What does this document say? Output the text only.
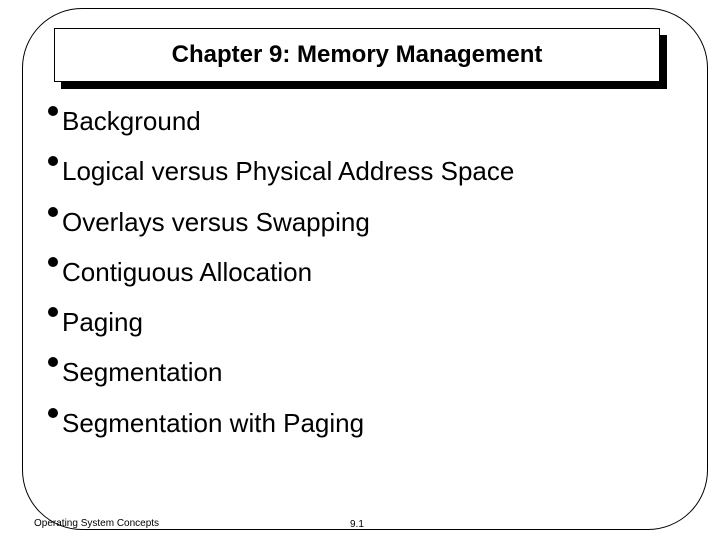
Chapter 9: Memory Management
Background
Logical versus Physical Address Space
Overlays versus Swapping
Contiguous Allocation
Paging
Segmentation
Segmentation with Paging
Operating System Concepts	9.1
